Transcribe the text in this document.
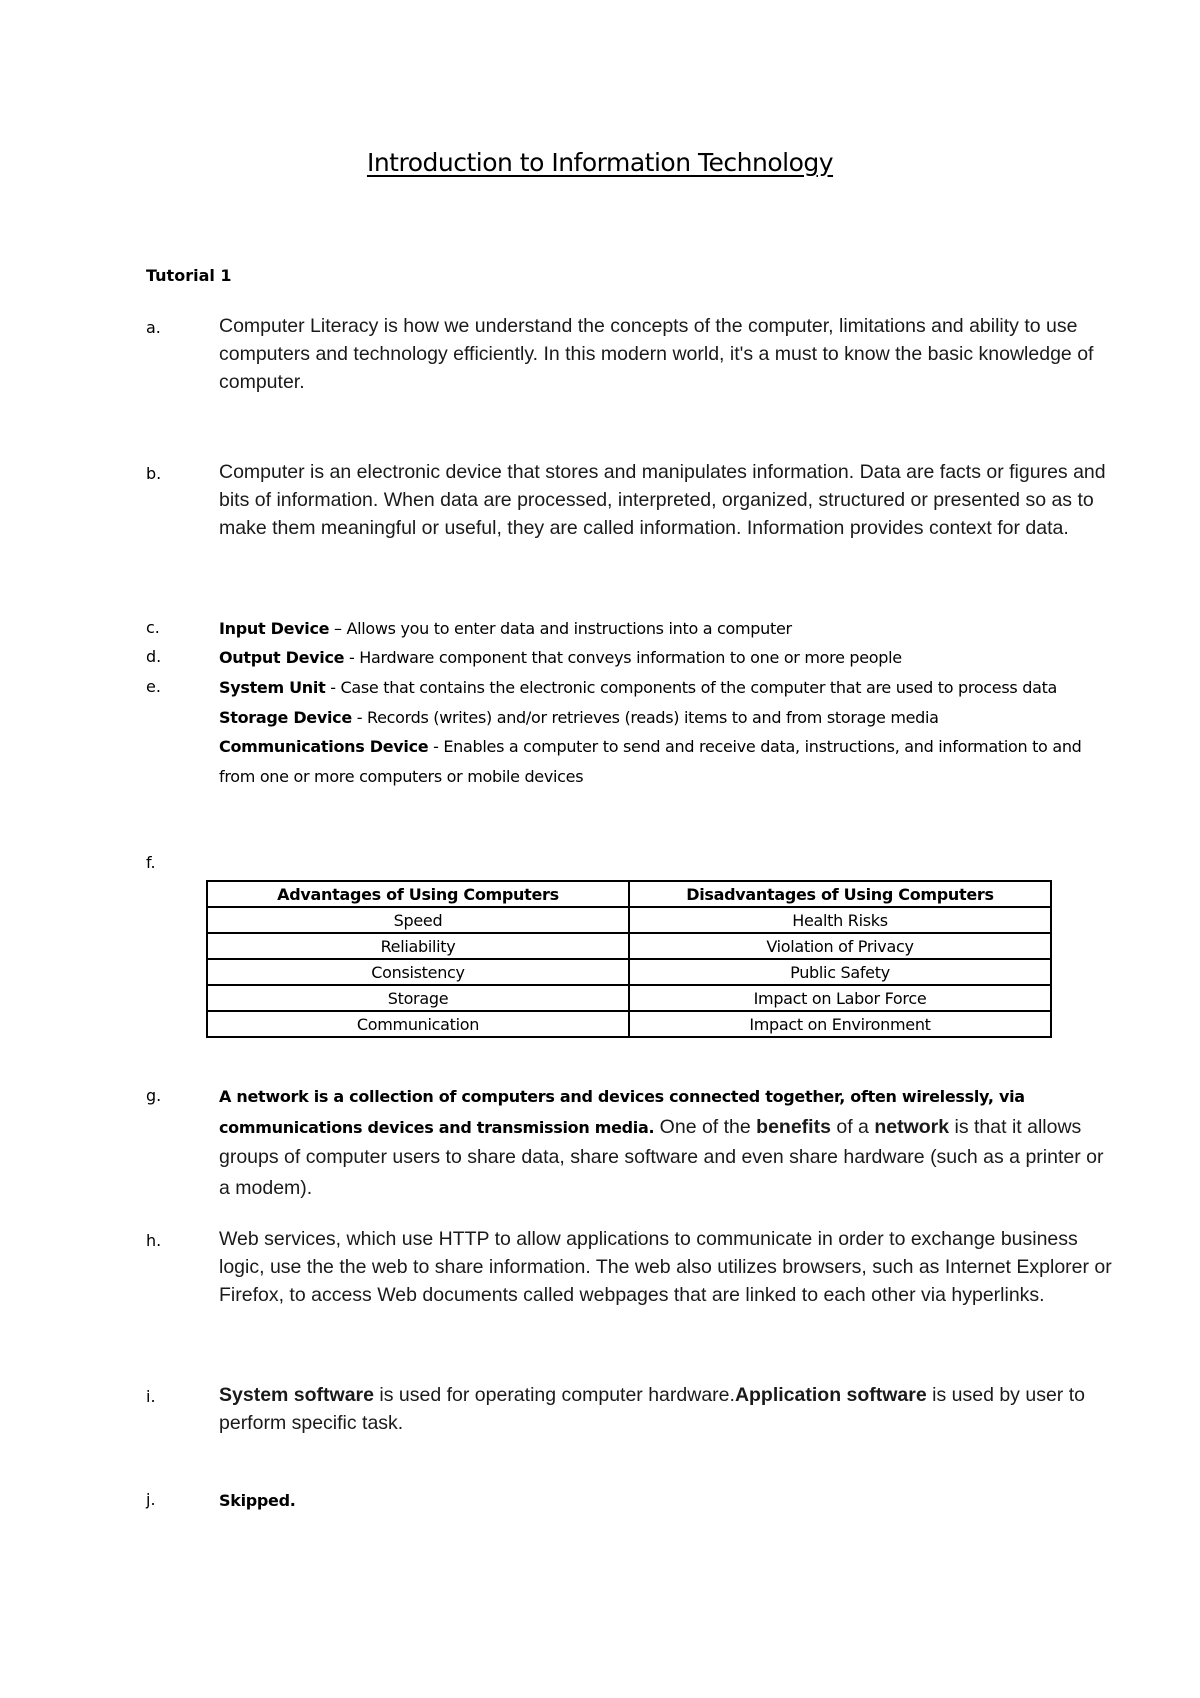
Introduction to Information Technology
Tutorial 1
a.	Computer Literacy is how we understand the concepts of the computer, limitations and ability to use computers and technology efficiently. In this modern world, it's a must to know the basic knowledge of computer.
b.	Computer is an electronic device that stores and manipulates information. Data are facts or figures and bits of information. When data are processed, interpreted, organized, structured or presented so as to make them meaningful or useful, they are called information. Information provides context for data.
c.	Input Device – Allows you to enter data and instructions into a computer
d.	Output Device - Hardware component that conveys information to one or more people
e.	System Unit - Case that contains the electronic components of the computer that are used to process data
Storage Device - Records (writes) and/or retrieves (reads) items to and from storage media
Communications Device - Enables a computer to send and receive data, instructions, and information to and from one or more computers or mobile devices
f.
Advantages of Using Computers	Disadvantages of Using Computers
Speed	Health Risks
Reliability	Violation of Privacy
Consistency	Public Safety
Storage	Impact on Labor Force
Communication	Impact on Environment
g.	A network is a collection of computers and devices connected together, often wirelessly, via communications devices and transmission media. One of the benefits of a network is that it allows groups of computer users to share data, share software and even share hardware (such as a printer or a modem).
h.	Web services, which use HTTP to allow applications to communicate in order to exchange business logic, use the the web to share information. The web also utilizes browsers, such as Internet Explorer or Firefox, to access Web documents called webpages that are linked to each other via hyperlinks.
i.	System software is used for operating computer hardware.Application software is used by user to perform specific task.
j.	Skipped.
